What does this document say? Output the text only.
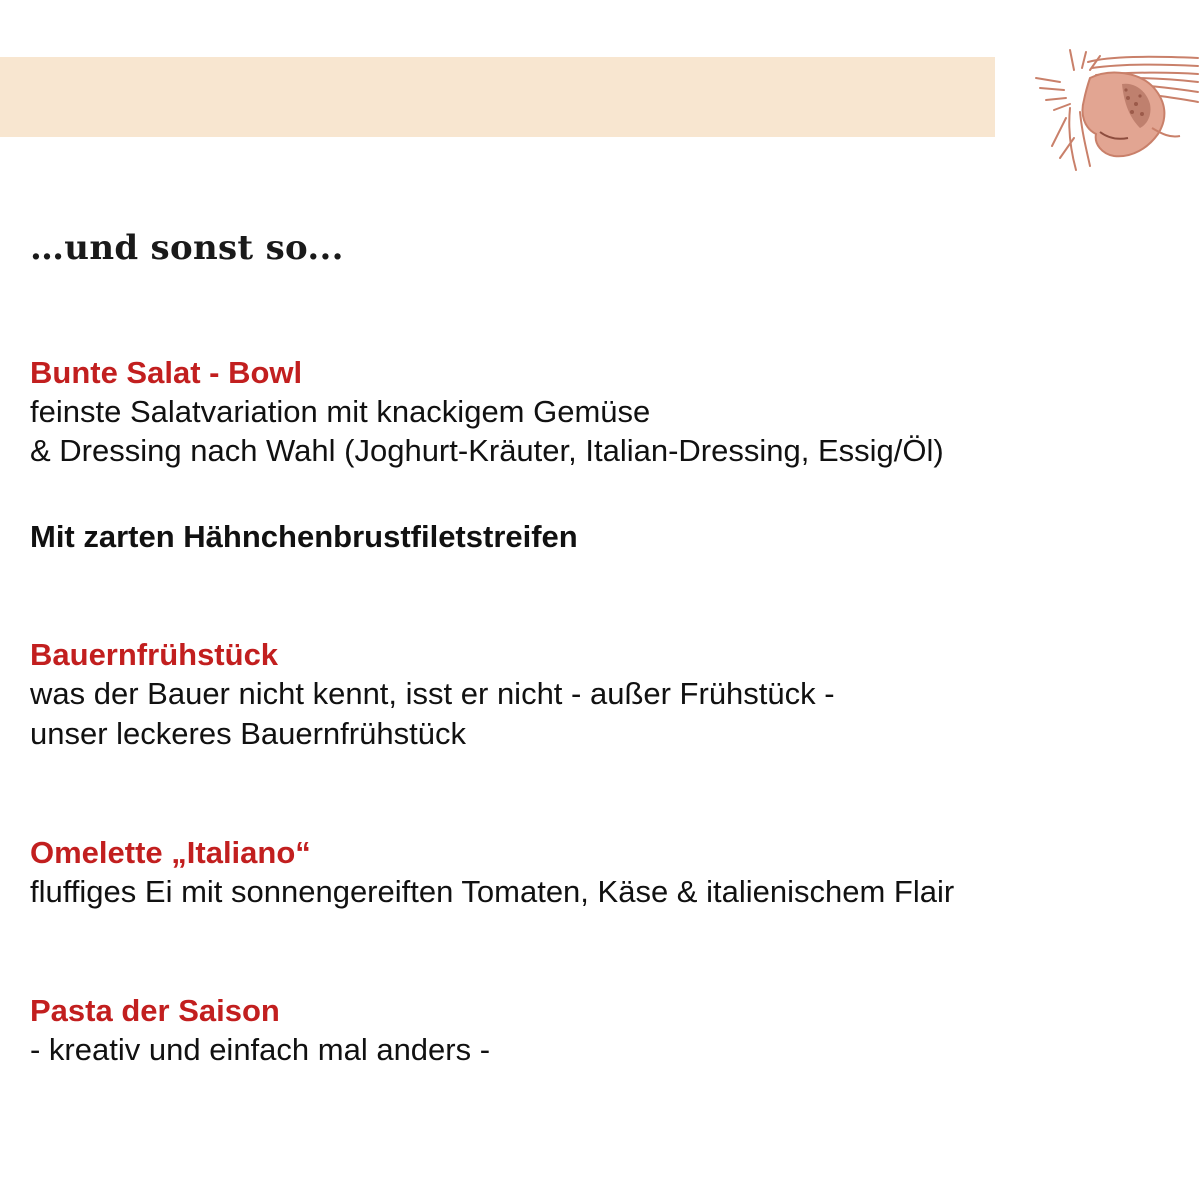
…und sonst so...
Bunte Salat - Bowl
feinste Salatvariation mit knackigem Gemüse
& Dressing nach Wahl (Joghurt-Kräuter, Italian-Dressing, Essig/Öl)
Mit zarten Hähnchenbrustfiletstreifen
Bauernfrühstück
was der Bauer nicht kennt, isst er nicht - außer Frühstück -
unser leckeres Bauernfrühstück
Omelette „Italiano“
fluffiges Ei mit sonnengereiften Tomaten, Käse & italienischem Flair
Pasta der Saison
- kreativ und einfach mal anders -
